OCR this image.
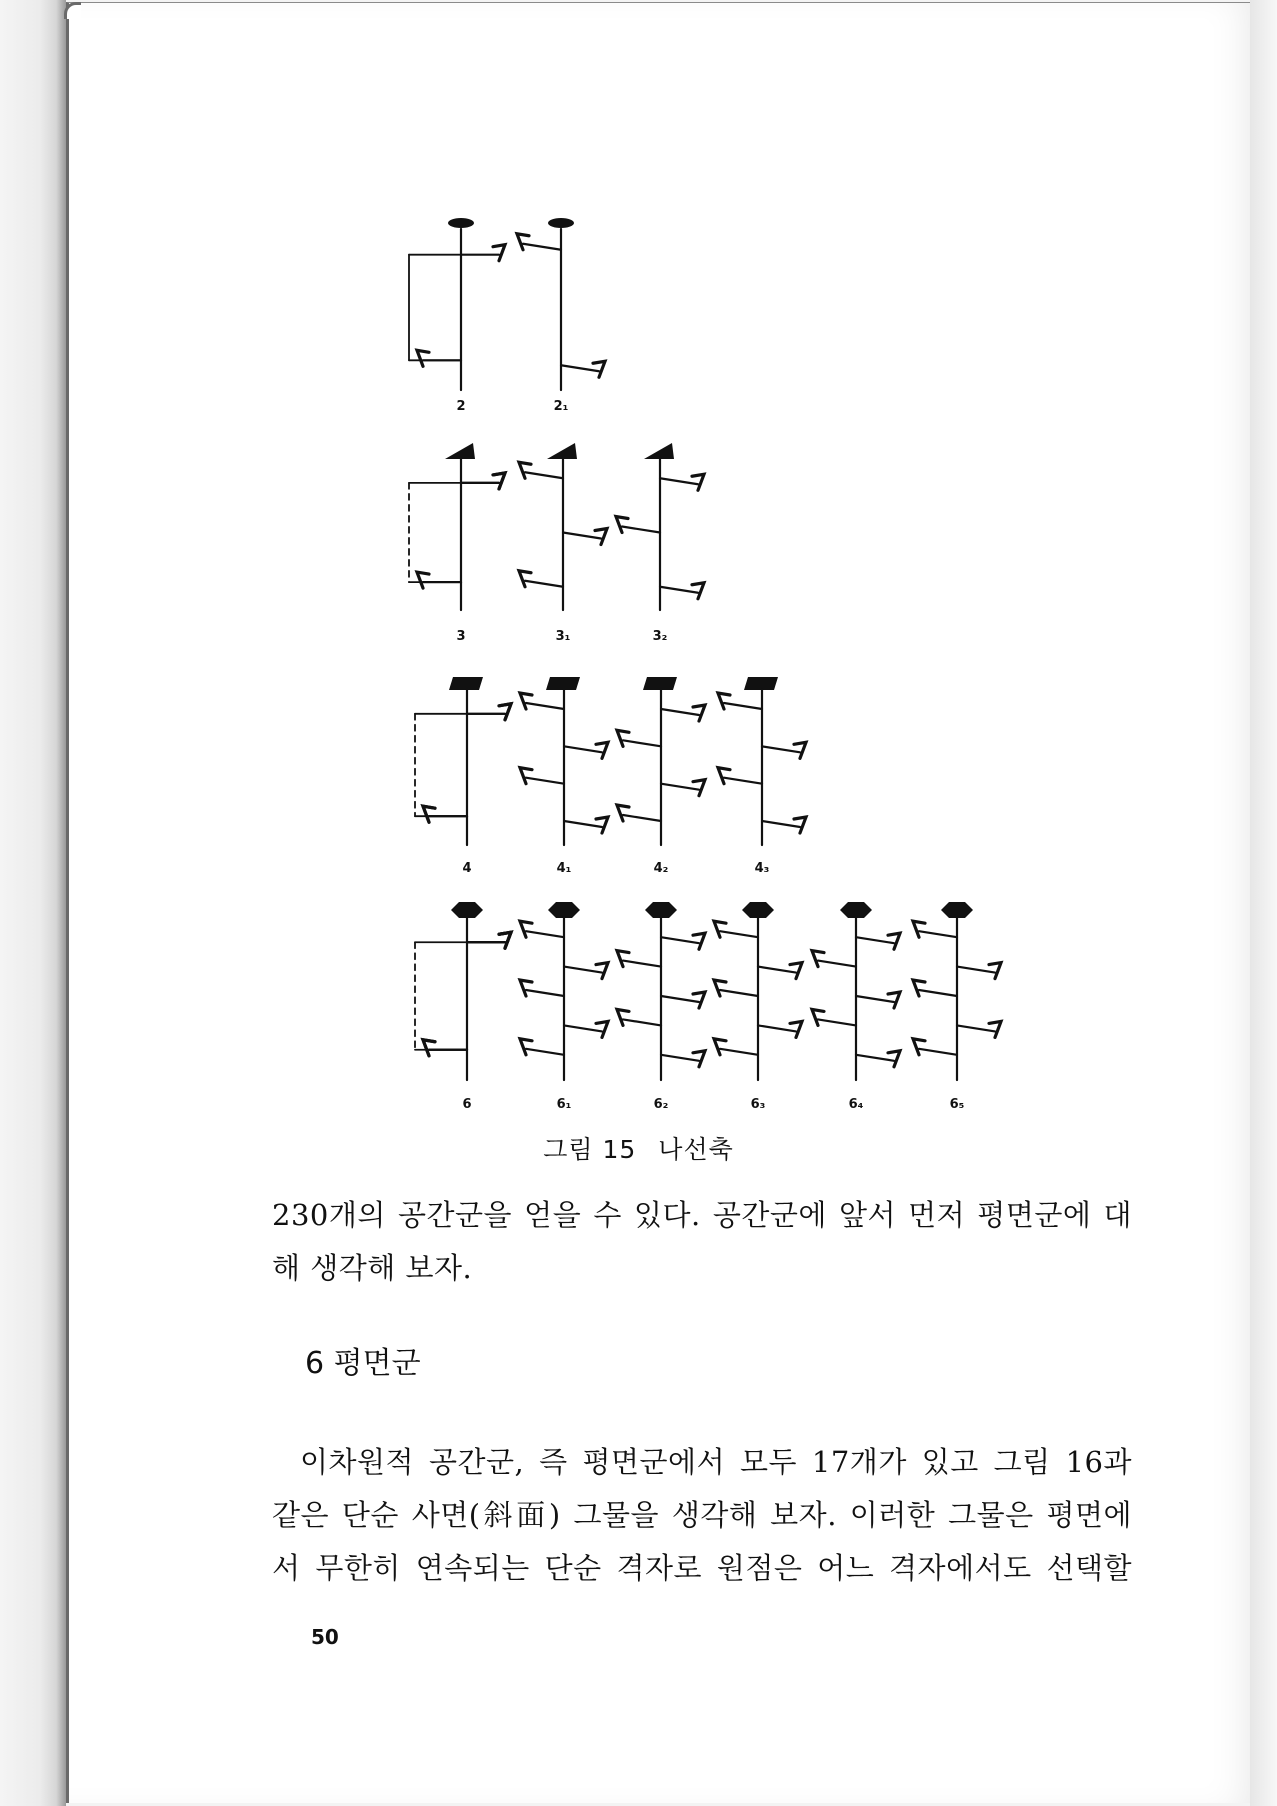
2	2₁
3	3₁	3₂
4	4₁	4₂	4₃
6	6₁	6₂	6₃	6₄	6₅
그림 15 나선축
230개의 공간군을 얻을 수 있다. 공간군에 앞서 먼저 평면군에 대
해 생각해 보자.
6 평면군
이차원적 공간군, 즉 평면군에서 모두 17개가 있고 그림 16과
같은 단순 사면(斜面) 그물을 생각해 보자. 이러한 그물은 평면에
서 무한히 연속되는 단순 격자로 원점은 어느 격자에서도 선택할
50
